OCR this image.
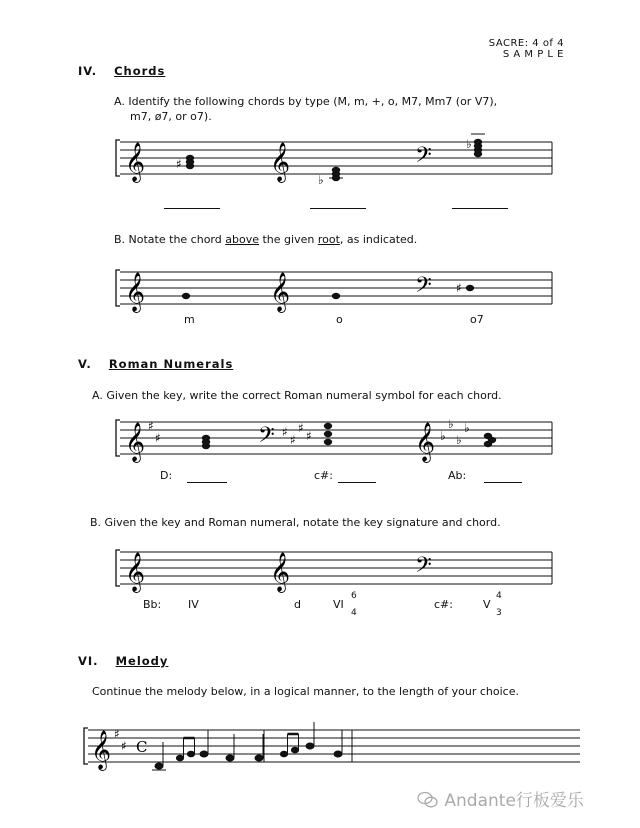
SACRE: 4 of 4
S A M P L E
IV. Chords
A. Identify the following chords by type (M, m, +, o, M7, Mm7 (or V7),
m7, ø7, or o7).
𝄞	𝄞	𝄢
♯
♭
♭
B. Notate the chord above the given root, as indicated.
𝄞	𝄞	𝄢 ♯
m	o	o7
V. Roman Numerals
A. Given the key, write the correct Roman numeral symbol for each chord.
𝄞 ♯
♯	𝄢 ♯
♯
♯
♯	𝄞 ♭
♭
♭
♭
D:	c#:	Ab:
B. Given the key and Roman numeral, notate the key signature and chord.
𝄞	𝄞	𝄢
Bb: IV	d	VI
6
4
c#:	V
4
3
VI. Melody
Continue the melody below, in a logical manner, to the length of your choice.
𝄞 ♯
♯ C
Andante行板爱乐
